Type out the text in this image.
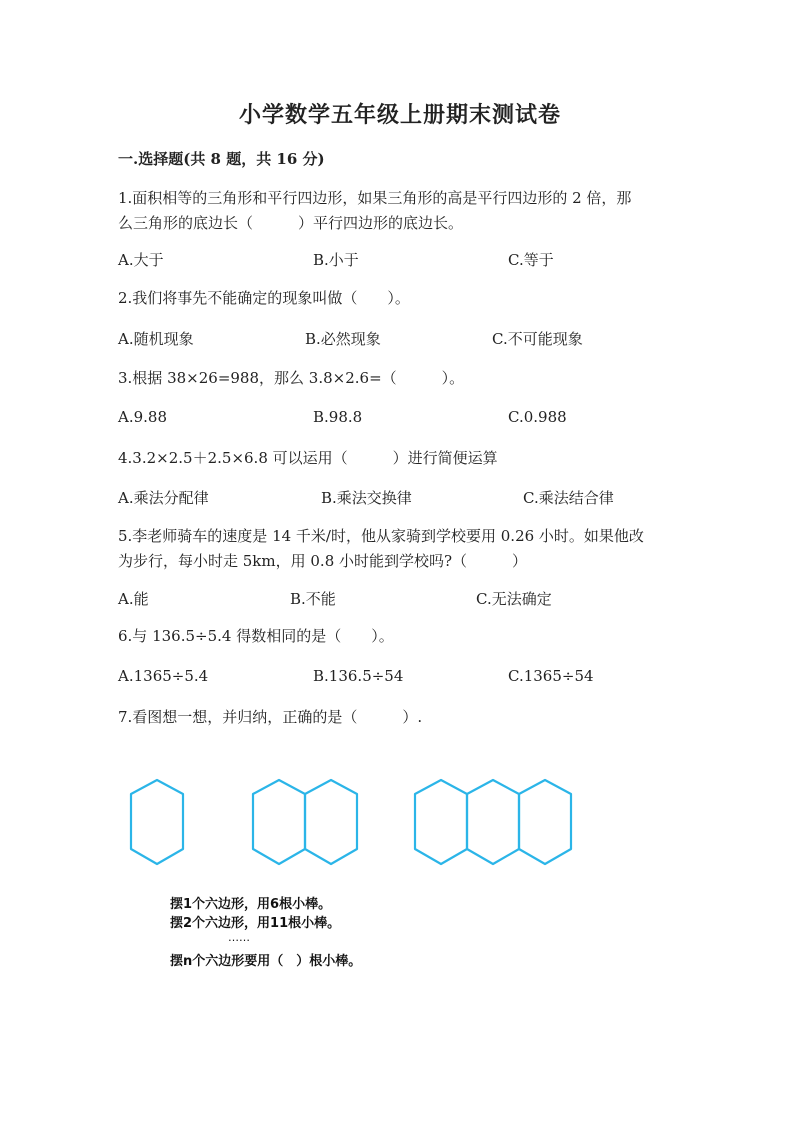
小学数学五年级上册期末测试卷
一.选择题(共 8 题，共 16 分)
1.面积相等的三角形和平行四边形，如果三角形的高是平行四边形的 2 倍，那
么三角形的底边长（　　　）平行四边形的底边长。
A.大于	B.小于	C.等于
2.我们将事先不能确定的现象叫做（　　）。
A.随机现象	B.必然现象	C.不可能现象
3.根据 38×26=988，那么 3.8×2.6=（　　　）。
A.9.88	B.98.8	C.0.988
4.3.2×2.5＋2.5×6.8 可以运用（　　　）进行简便运算
A.乘法分配律	B.乘法交换律	C.乘法结合律
5.李老师骑车的速度是 14 千米/时，他从家骑到学校要用 0.26 小时。如果他改
为步行，每小时走 5km，用 0.8 小时能到学校吗?（　　　）
A.能	B.不能	C.无法确定
6.与 136.5÷5.4 得数相同的是（　　）。
A.1365÷5.4	B.136.5÷54	C.1365÷54
7.看图想一想，并归纳，正确的是（　　　）.
摆1个六边形，用6根小棒。
摆2个六边形，用11根小棒。
……
摆n个六边形要用（　）根小棒。
